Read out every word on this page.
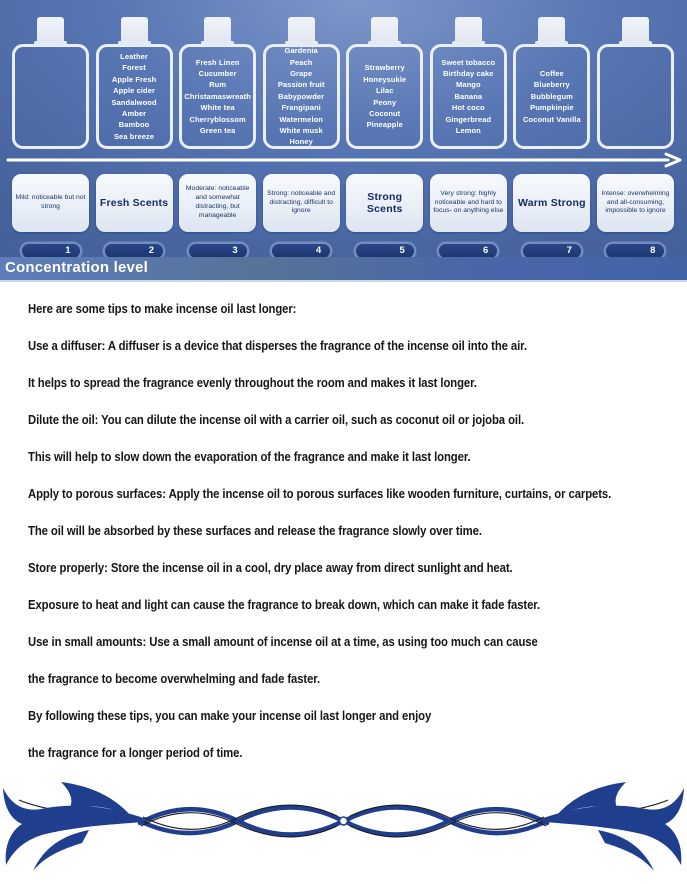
Leather
Forest
Apple Fresh
Apple cider
Sandalwood
Amber
Bamboo
Sea breeze
Fresh Linen
Cucumber
Rum
Christamaswreath
White tea
Cherryblossom
Green tea
Gardenia
Peach
Grape
Passion fruit
Babypowder
Frangipani
Watermelon
White musk
Honey
Strawberry
Honeysukle
Lilac
Peony
Coconut
Pineapple
Sweet tobacco
Birthday cake
Mango
Banana
Hot coco
Gingerbread Lemon
Coffee
Blueberry
Bubblegum
Pumpkinpie
Coconut Vanilla
Mild: noticeable but not strong	Fresh Scents
Moderate: noticeable and somewhat distracting, but manageable
Strong: noticeable and distracting, difficult to ignore
Strong Scents
Very strong: highly noticeable and hard to focus- on anything else
Warm Strong
Intense: overwhelming and all-consuming, impossible to ignore
1	2	3	4	5	6	7	8
Concentration level

Here are some tips to make incense oil last longer:

Use a diffuser: A diffuser is a device that disperses the fragrance of the incense oil into the air.

It helps to spread the fragrance evenly throughout the room and makes it last longer.

Dilute the oil: You can dilute the incense oil with a carrier oil, such as coconut oil or jojoba oil.

This will help to slow down the evaporation of the fragrance and make it last longer.

Apply to porous surfaces: Apply the incense oil to porous surfaces like wooden furniture, curtains, or carpets.

The oil will be absorbed by these surfaces and release the fragrance slowly over time.

Store properly: Store the incense oil in a cool, dry place away from direct sunlight and heat.

Exposure to heat and light can cause the fragrance to break down, which can make it fade faster.

Use in small amounts: Use a small amount of incense oil at a time, as using too much can cause

the fragrance to become overwhelming and fade faster.

By following these tips, you can make your incense oil last longer and enjoy

the fragrance for a longer period of time.
